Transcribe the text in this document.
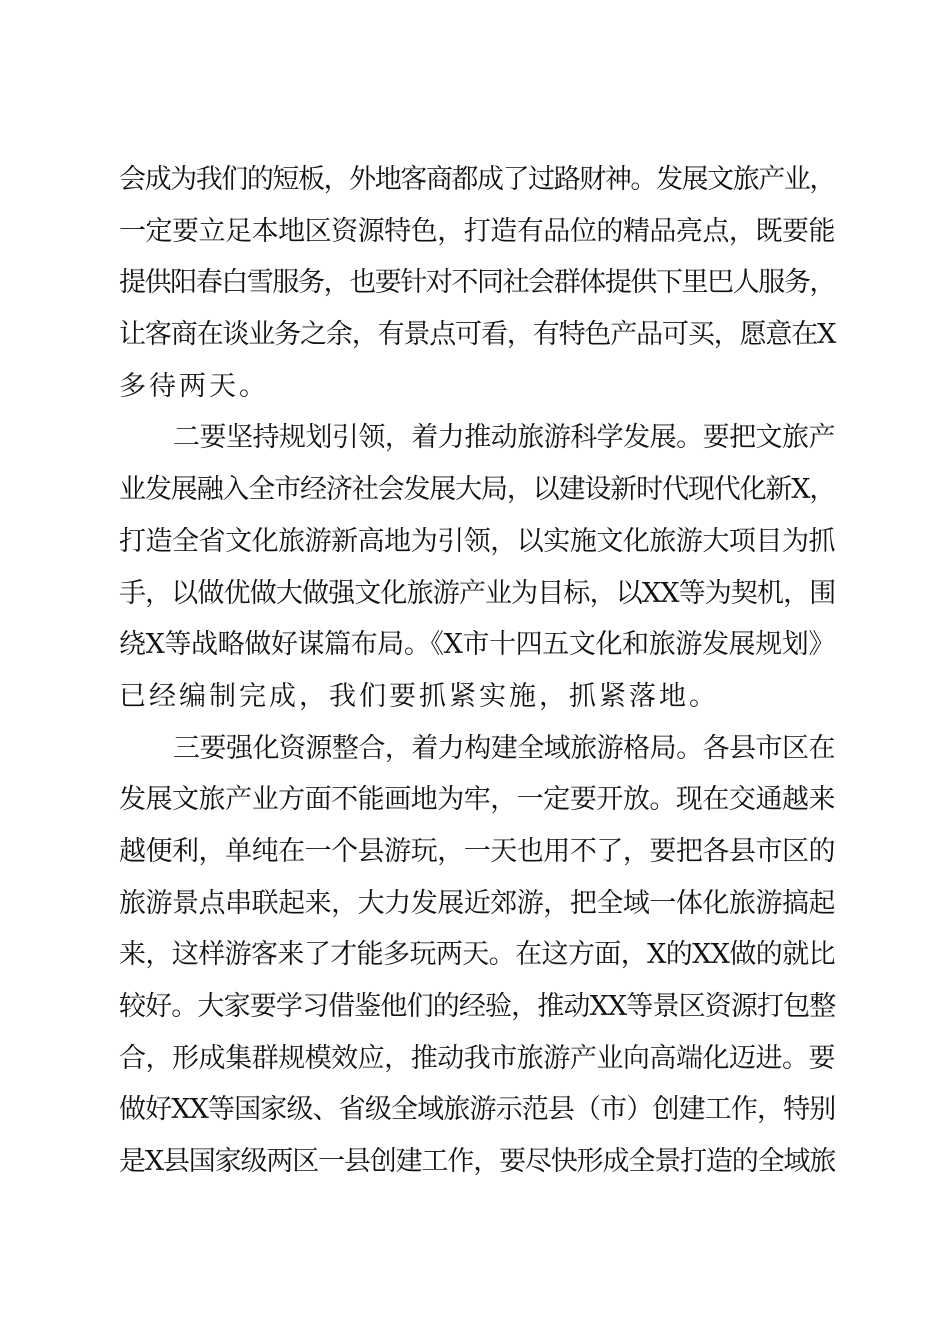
会成为我们的短板，外地客商都成了过路财神。发展文旅产业，
一定要立足本地区资源特色，打造有品位的精品亮点，既要能
提供阳春白雪服务，也要针对不同社会群体提供下里巴人服务，
让客商在谈业务之余，有景点可看，有特色产品可买，愿意在X
多待两天。
二要坚持规划引领，着力推动旅游科学发展。要把文旅产
业发展融入全市经济社会发展大局，以建设新时代现代化新X，
打造全省文化旅游新高地为引领，以实施文化旅游大项目为抓
手，以做优做大做强文化旅游产业为目标，以XX等为契机，围
绕X等战略做好谋篇布局。《X市十四五文化和旅游发展规划》
已经编制完成，我们要抓紧实施，抓紧落地。
三要强化资源整合，着力构建全域旅游格局。各县市区在
发展文旅产业方面不能画地为牢，一定要开放。现在交通越来
越便利，单纯在一个县游玩，一天也用不了，要把各县市区的
旅游景点串联起来，大力发展近郊游，把全域一体化旅游搞起
来，这样游客来了才能多玩两天。在这方面，X的XX做的就比
较好。大家要学习借鉴他们的经验，推动XX等景区资源打包整
合，形成集群规模效应，推动我市旅游产业向高端化迈进。要
做好XX等国家级、省级全域旅游示范县（市）创建工作，特别
是X县国家级两区一县创建工作，要尽快形成全景打造的全域旅
